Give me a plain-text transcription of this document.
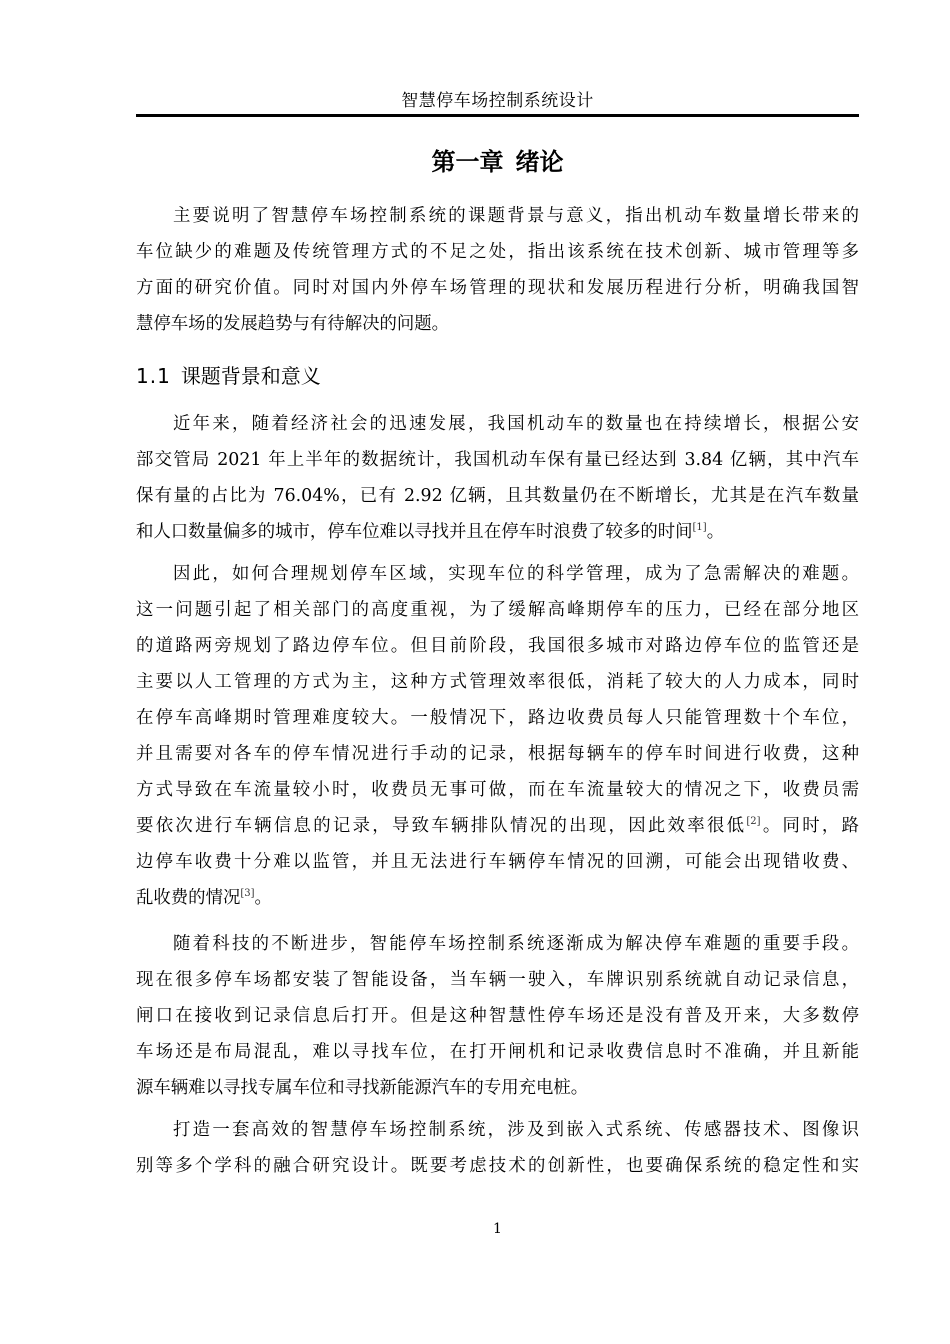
智慧停车场控制系统设计
第一章 绪论
主要说明了智慧停车场控制系统的课题背景与意义，指出机动车数量增长带来的
车位缺少的难题及传统管理方式的不足之处，指出该系统在技术创新、城市管理等多
方面的研究价值。同时对国内外停车场管理的现状和发展历程进行分析，明确我国智
慧停车场的发展趋势与有待解决的问题。
1.1 课题背景和意义
近年来，随着经济社会的迅速发展，我国机动车的数量也在持续增长，根据公安
部交管局 2021 年上半年的数据统计，我国机动车保有量已经达到 3.84 亿辆，其中汽车
保有量的占比为 76.04%，已有 2.92 亿辆，且其数量仍在不断增长，尤其是在汽车数量
和人口数量偏多的城市，停车位难以寻找并且在停车时浪费了较多的时间[1]。
因此，如何合理规划停车区域，实现车位的科学管理，成为了急需解决的难题。
这一问题引起了相关部门的高度重视，为了缓解高峰期停车的压力，已经在部分地区
的道路两旁规划了路边停车位。但目前阶段，我国很多城市对路边停车位的监管还是
主要以人工管理的方式为主，这种方式管理效率很低，消耗了较大的人力成本，同时
在停车高峰期时管理难度较大。一般情况下，路边收费员每人只能管理数十个车位，
并且需要对各车的停车情况进行手动的记录，根据每辆车的停车时间进行收费，这种
方式导致在车流量较小时，收费员无事可做，而在车流量较大的情况之下，收费员需
要依次进行车辆信息的记录，导致车辆排队情况的出现，因此效率很低[2]。同时，路
边停车收费十分难以监管，并且无法进行车辆停车情况的回溯，可能会出现错收费、
乱收费的情况[3]。
随着科技的不断进步，智能停车场控制系统逐渐成为解决停车难题的重要手段。
现在很多停车场都安装了智能设备，当车辆一驶入，车牌识别系统就自动记录信息，
闸口在接收到记录信息后打开。但是这种智慧性停车场还是没有普及开来，大多数停
车场还是布局混乱，难以寻找车位，在打开闸机和记录收费信息时不准确，并且新能
源车辆难以寻找专属车位和寻找新能源汽车的专用充电桩。
打造一套高效的智慧停车场控制系统，涉及到嵌入式系统、传感器技术、图像识
别等多个学科的融合研究设计。既要考虑技术的创新性，也要确保系统的稳定性和实
1
